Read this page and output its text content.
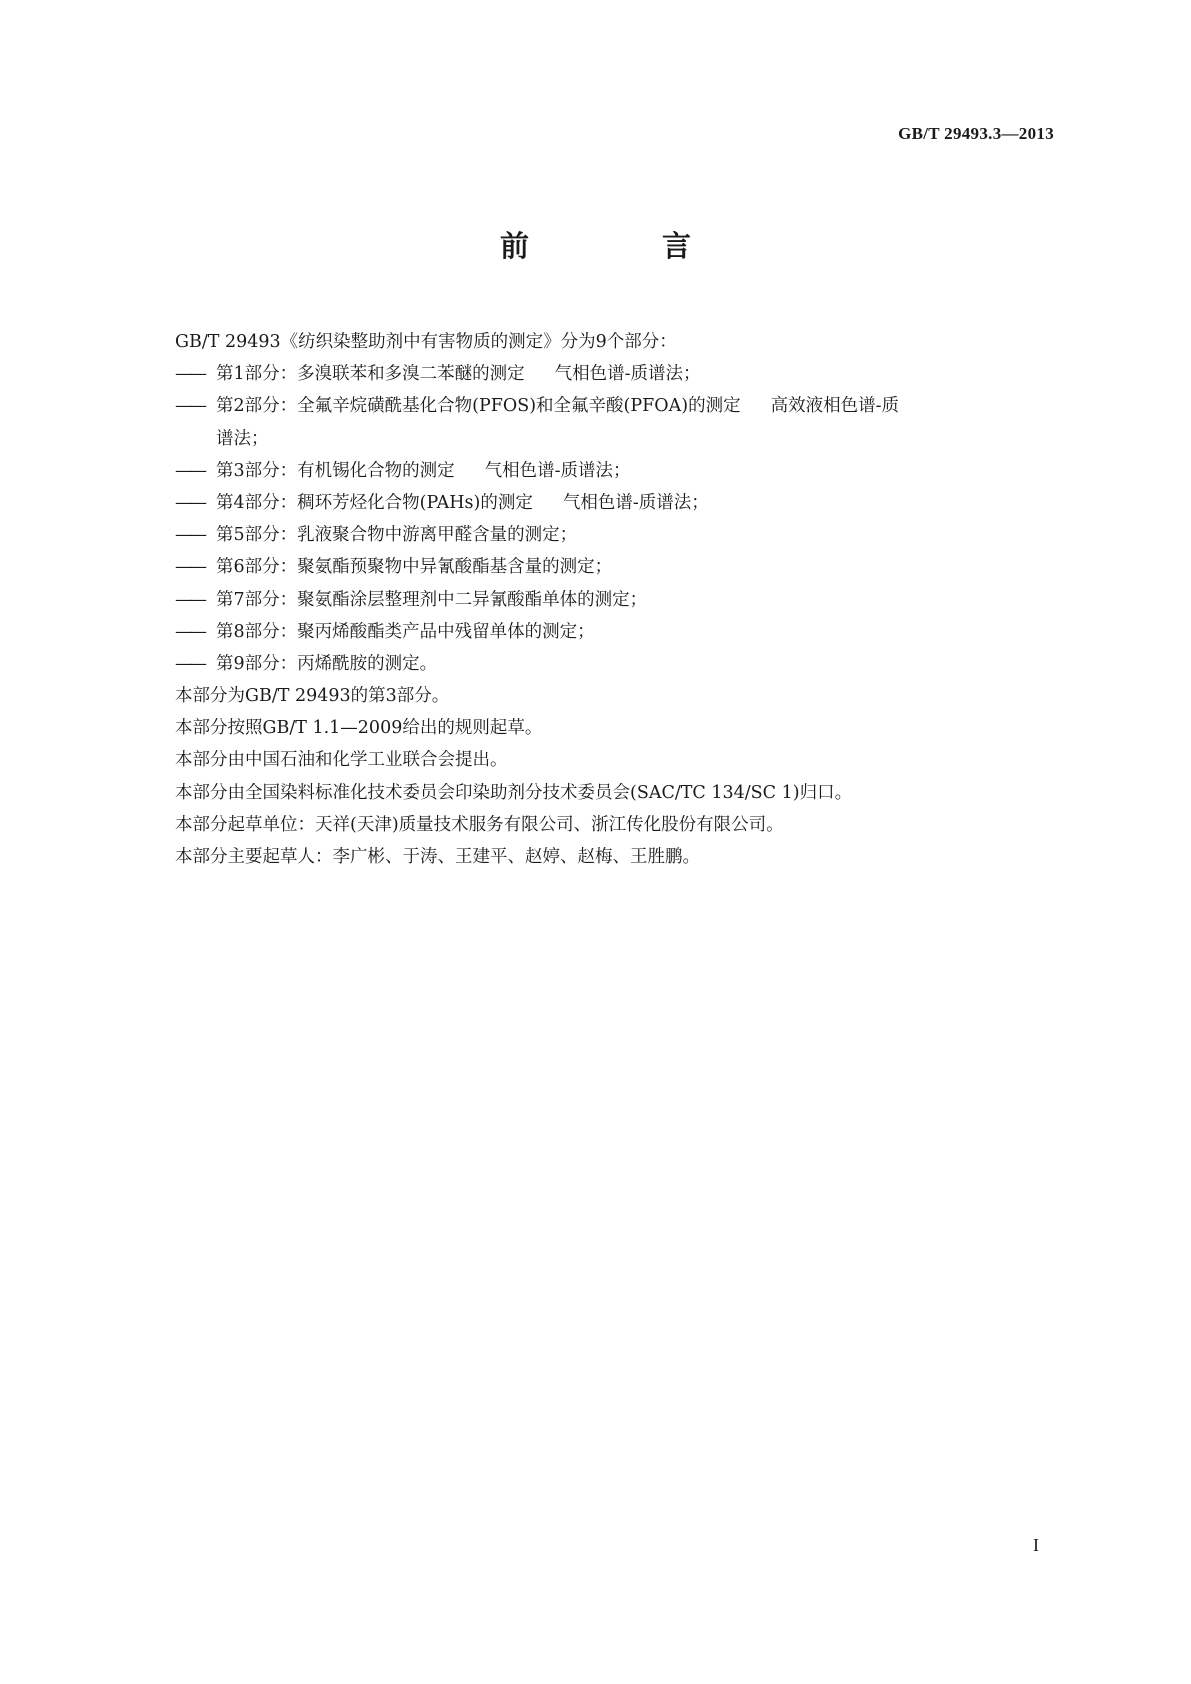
GB/T 29493.3—2013
前　言
GB/T 29493《纺织染整助剂中有害物质的测定》分为9个部分：
—— 第1部分：多溴联苯和多溴二苯醚的测定 气相色谱-质谱法；
—— 第2部分：全氟辛烷磺酰基化合物(PFOS)和全氟辛酸(PFOA)的测定 高效液相色谱-质
谱法；
—— 第3部分：有机锡化合物的测定 气相色谱-质谱法；
—— 第4部分：稠环芳烃化合物(PAHs)的测定 气相色谱-质谱法；
—— 第5部分：乳液聚合物中游离甲醛含量的测定；
—— 第6部分：聚氨酯预聚物中异氰酸酯基含量的测定；
—— 第7部分：聚氨酯涂层整理剂中二异氰酸酯单体的测定；
—— 第8部分：聚丙烯酸酯类产品中残留单体的测定；
—— 第9部分：丙烯酰胺的测定。
本部分为GB/T 29493的第3部分。
本部分按照GB/T 1.1—2009给出的规则起草。
本部分由中国石油和化学工业联合会提出。
本部分由全国染料标准化技术委员会印染助剂分技术委员会(SAC/TC 134/SC 1)归口。
本部分起草单位：天祥(天津)质量技术服务有限公司、浙江传化股份有限公司。
本部分主要起草人：李广彬、于涛、王建平、赵婷、赵梅、王胜鹏。
I
